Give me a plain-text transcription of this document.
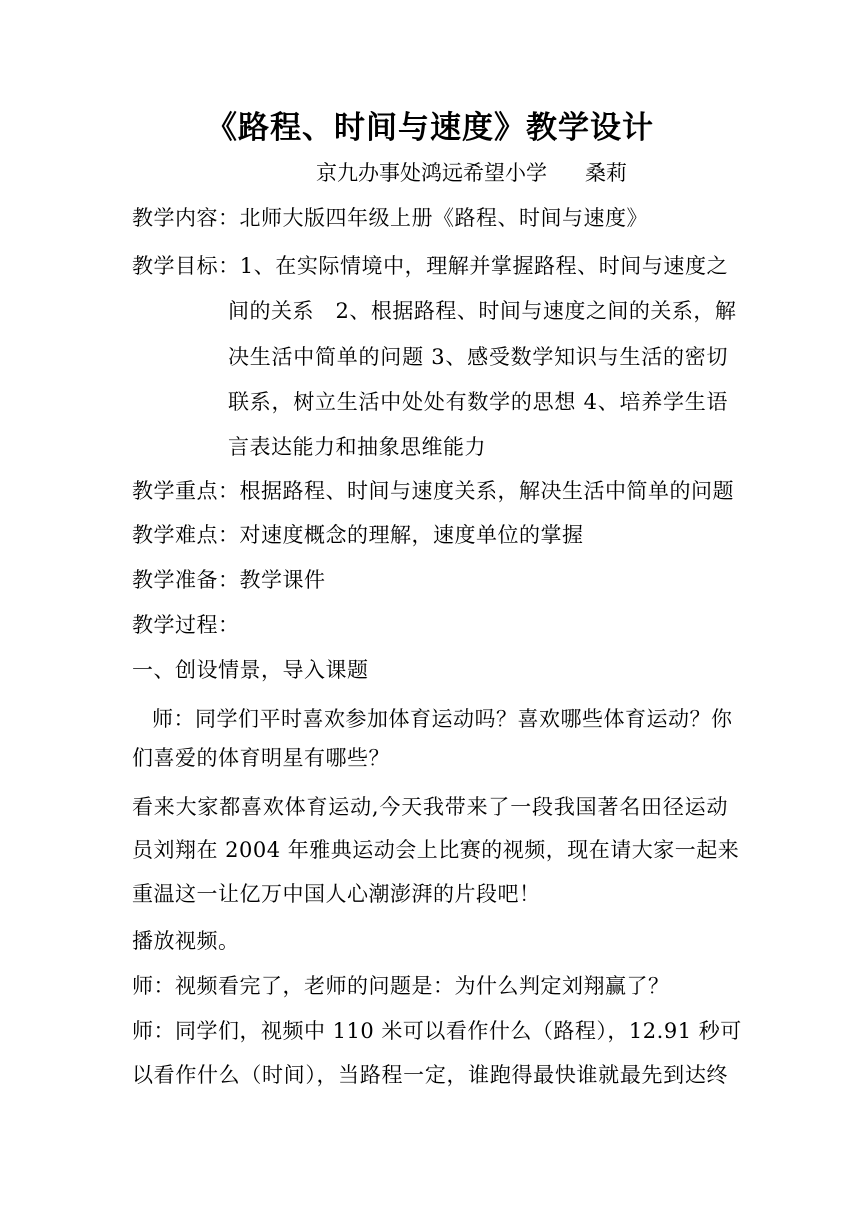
《路程、时间与速度》教学设计
京九办事处鸿远希望小学 桑莉
教学内容：北师大版四年级上册《路程、时间与速度》
教学目标：1、在实际情境中，理解并掌握路程、时间与速度之
间的关系　2、根据路程、时间与速度之间的关系，解
决生活中简单的问题 3、感受数学知识与生活的密切
联系，树立生活中处处有数学的思想 4、培养学生语
言表达能力和抽象思维能力
教学重点：根据路程、时间与速度关系，解决生活中简单的问题
教学难点：对速度概念的理解，速度单位的掌握
教学准备：教学课件
教学过程：
一、创设情景，导入课题
师：同学们平时喜欢参加体育运动吗？喜欢哪些体育运动？你
们喜爱的体育明星有哪些？
看来大家都喜欢体育运动,今天我带来了一段我国著名田径运动
员刘翔在 2004 年雅典运动会上比赛的视频，现在请大家一起来
重温这一让亿万中国人心潮澎湃的片段吧！
播放视频。
师：视频看完了，老师的问题是：为什么判定刘翔赢了？
师：同学们，视频中 110 米可以看作什么（路程），12.91 秒可
以看作什么（时间），当路程一定，谁跑得最快谁就最先到达终
